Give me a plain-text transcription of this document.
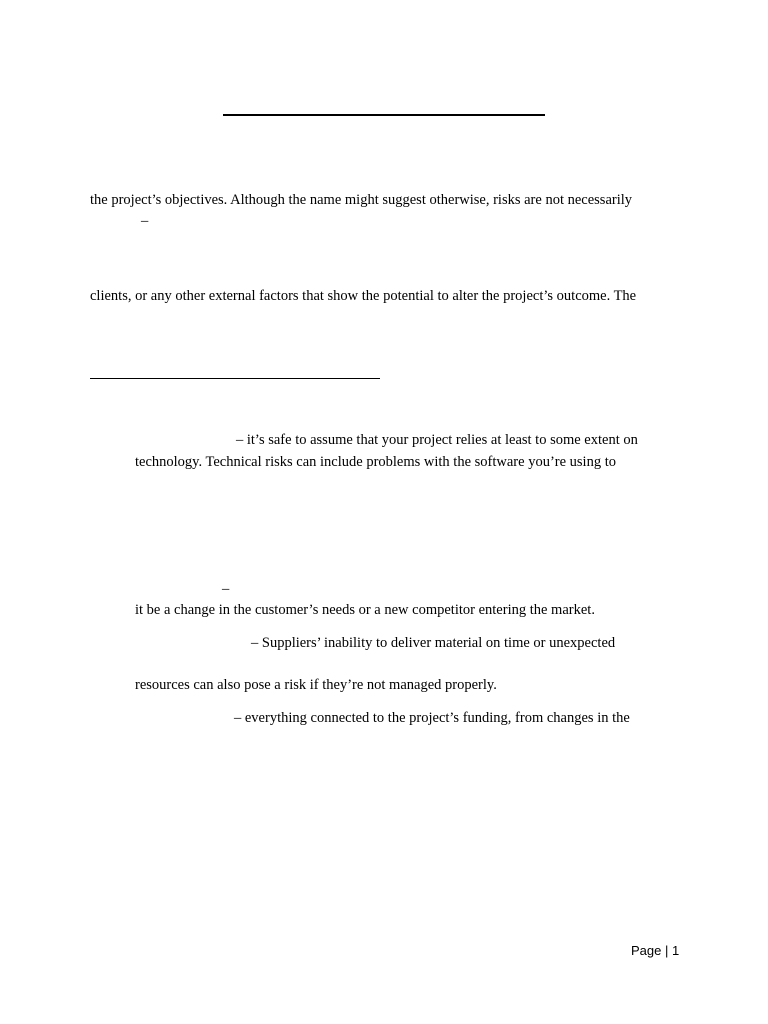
the project’s objectives. Although the name might suggest otherwise, risks are not necessarily
–
clients, or any other external factors that show the potential to alter the project’s outcome. The
– it’s safe to assume that your project relies at least to some extent on
technology. Technical risks can include problems with the software you’re using to
–
it be a change in the customer’s needs or a new competitor entering the market.
– Suppliers’ inability to deliver material on time or unexpected
resources can also pose a risk if they’re not managed properly.
– everything connected to the project’s funding, from changes in the
Page | 1
